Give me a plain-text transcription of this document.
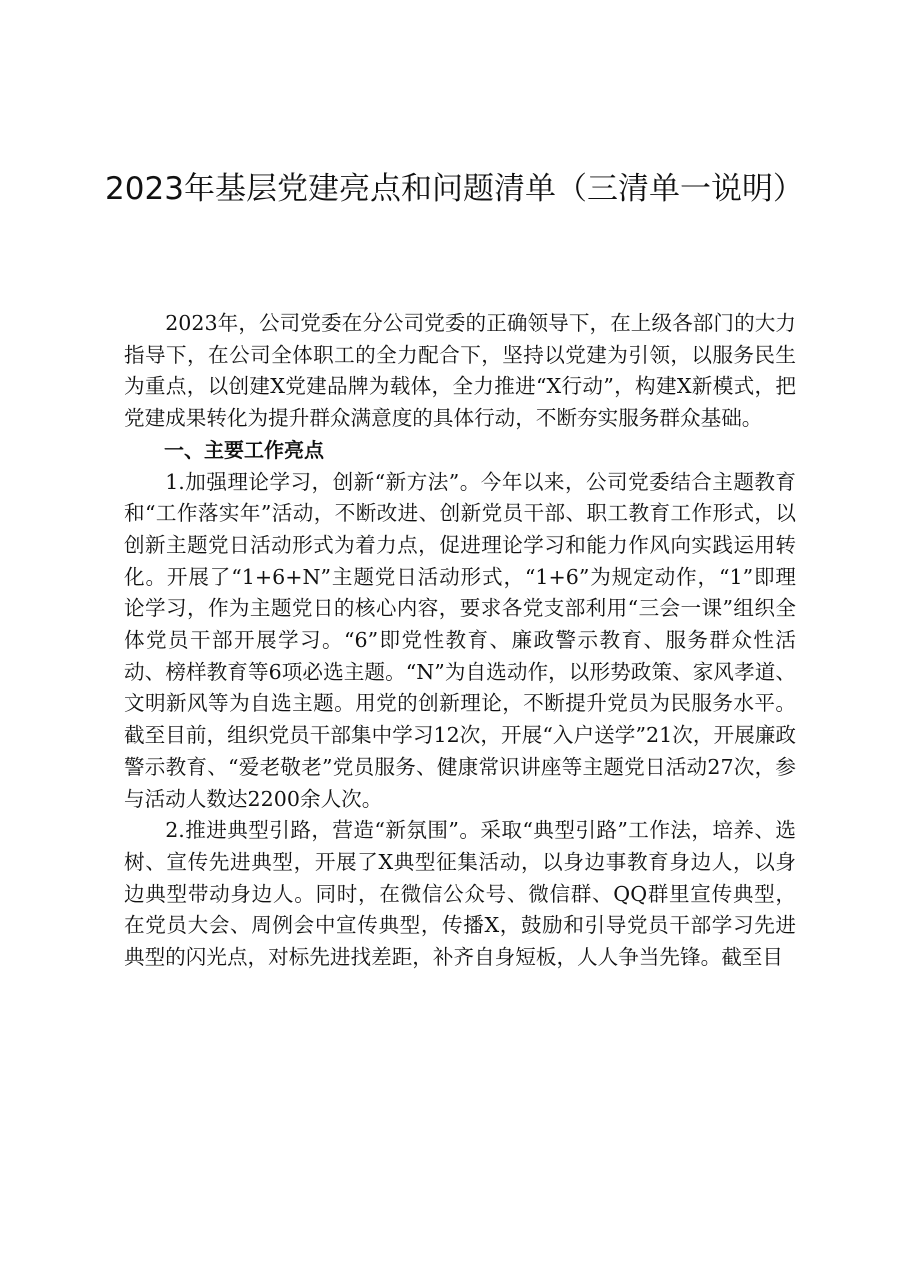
2023年基层党建亮点和问题清单（三清单一说明）

2023年，公司党委在分公司党委的正确领导下，在上级各部门的大力指导下，在公司全体职工的全力配合下，坚持以党建为引领，以服务民生为重点，以创建X党建品牌为载体，全力推进“X行动”，构建X新模式，把党建成果转化为提升群众满意度的具体行动，不断夯实服务群众基础。

一、主要工作亮点

1.加强理论学习，创新“新方法”。今年以来，公司党委结合主题教育和“工作落实年”活动，不断改进、创新党员干部、职工教育工作形式，以创新主题党日活动形式为着力点，促进理论学习和能力作风向实践运用转化。开展了“1+6+N”主题党日活动形式，“1+6”为规定动作，“1”即理论学习，作为主题党日的核心内容，要求各党支部利用“三会一课”组织全体党员干部开展学习。“6”即党性教育、廉政警示教育、服务群众性活动、榜样教育等6项必选主题。“N”为自选动作，以形势政策、家风孝道、文明新风等为自选主题。用党的创新理论，不断提升党员为民服务水平。截至目前，组织党员干部集中学习12次，开展“入户送学”21次，开展廉政警示教育、“爱老敬老”党员服务、健康常识讲座等主题党日活动27次，参与活动人数达2200余人次。

2.推进典型引路，营造“新氛围”。采取“典型引路”工作法，培养、选树、宣传先进典型，开展了X典型征集活动，以身边事教育身边人，以身边典型带动身边人。同时，在微信公众号、微信群、QQ群里宣传典型，在党员大会、周例会中宣传典型，传播X，鼓励和引导党员干部学习先进典型的闪光点，对标先进找差距，补齐自身短板，人人争当先锋。截至目
